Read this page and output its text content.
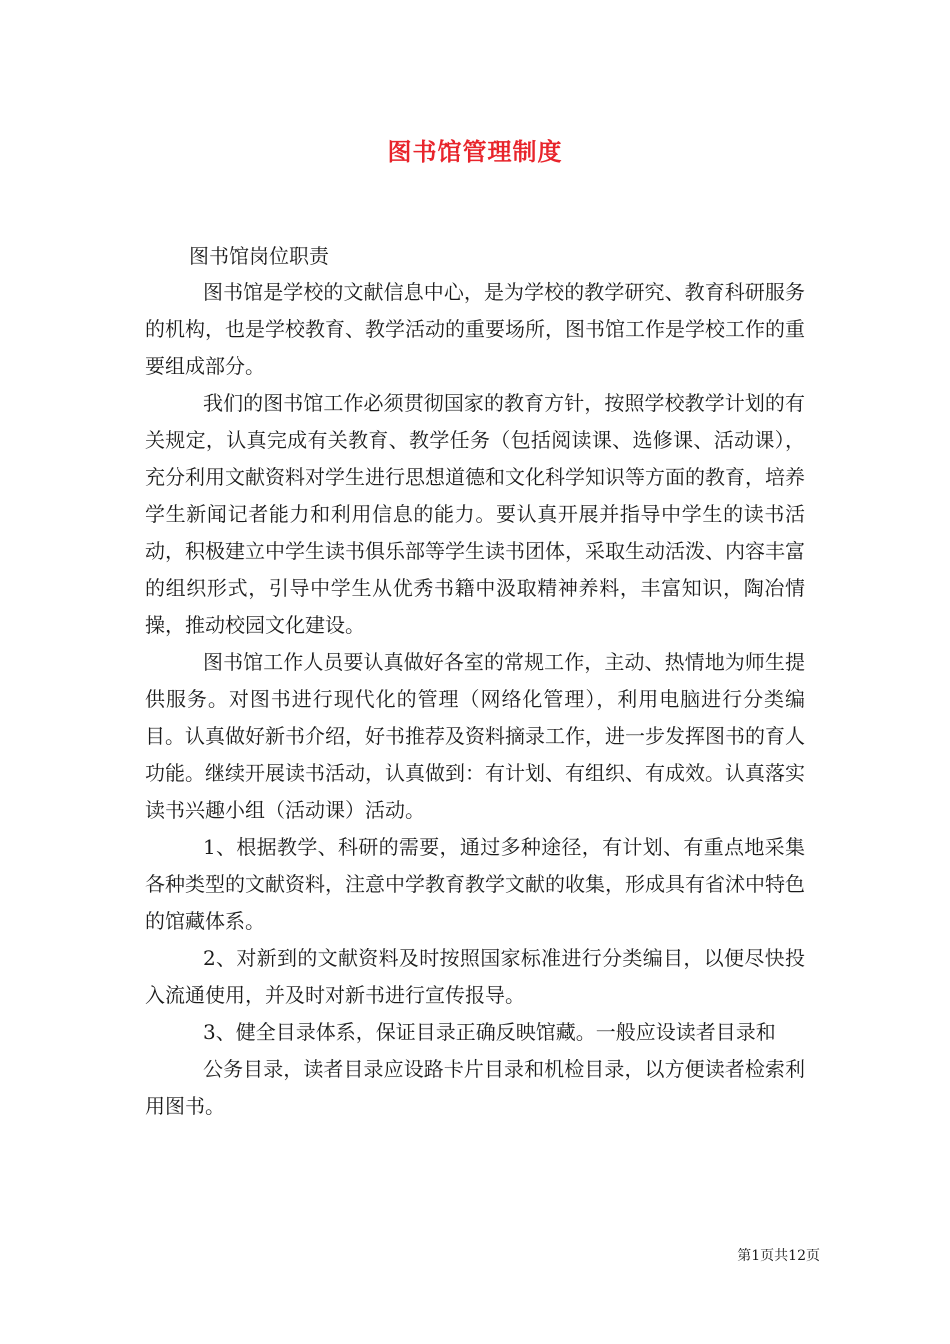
图书馆管理制度

图书馆岗位职责

图书馆是学校的文献信息中心，是为学校的教学研究、教育科研服务的机构，也是学校教育、教学活动的重要场所，图书馆工作是学校工作的重要组成部分。

我们的图书馆工作必须贯彻国家的教育方针，按照学校教学计划的有关规定，认真完成有关教育、教学任务（包括阅读课、选修课、活动课），充分利用文献资料对学生进行思想道德和文化科学知识等方面的教育，培养学生新闻记者能力和利用信息的能力。要认真开展并指导中学生的读书活动，积极建立中学生读书俱乐部等学生读书团体，采取生动活泼、内容丰富的组织形式，引导中学生从优秀书籍中汲取精神养料，丰富知识，陶冶情操，推动校园文化建设。

图书馆工作人员要认真做好各室的常规工作，主动、热情地为师生提供服务。对图书进行现代化的管理（网络化管理），利用电脑进行分类编目。认真做好新书介绍，好书推荐及资料摘录工作，进一步发挥图书的育人功能。继续开展读书活动，认真做到：有计划、有组织、有成效。认真落实读书兴趣小组（活动课）活动。

1、根据教学、科研的需要，通过多种途径，有计划、有重点地采集各种类型的文献资料，注意中学教育教学文献的收集，形成具有省沭中特色的馆藏体系。

2、对新到的文献资料及时按照国家标准进行分类编目，以便尽快投入流通使用，并及时对新书进行宣传报导。

3、健全目录体系，保证目录正确反映馆藏。一般应设读者目录和

公务目录，读者目录应设路卡片目录和机检目录，以方便读者检索利用图书。

第1页共12页
